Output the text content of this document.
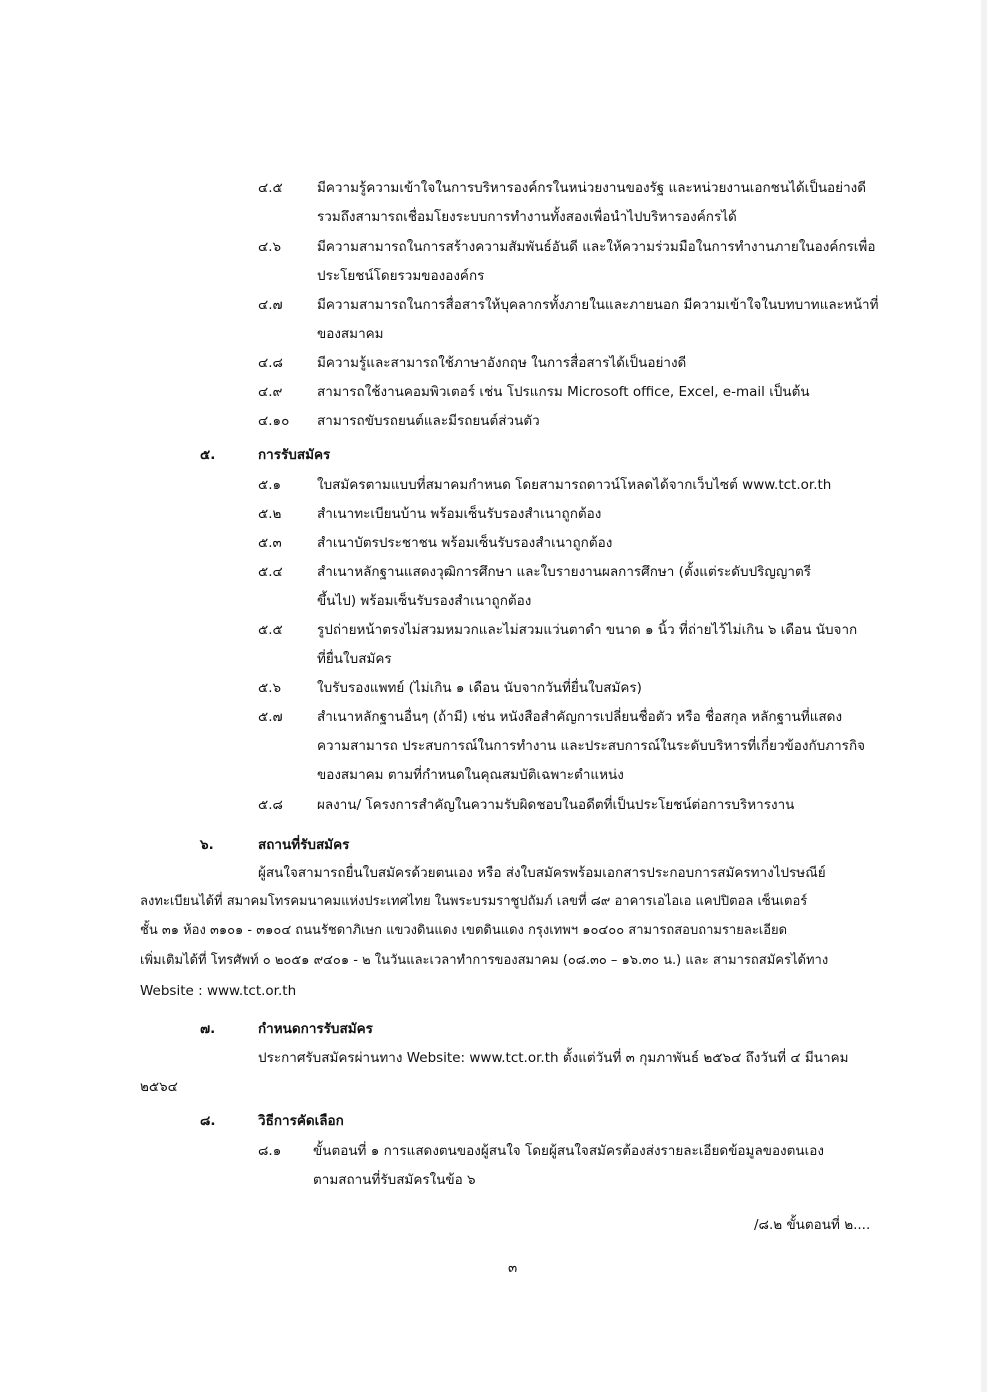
๔.๕	มีความรู้ความเข้าใจในการบริหารองค์กรในหน่วยงานของรัฐ และหน่วยงานเอกชนได้เป็นอย่างดี
รวมถึงสามารถเชื่อมโยงระบบการทำงานทั้งสองเพื่อนำไปบริหารองค์กรได้
๔.๖	มีความสามารถในการสร้างความสัมพันธ์อันดี และให้ความร่วมมือในการทำงานภายในองค์กรเพื่อ
ประโยชน์โดยรวมขององค์กร
๔.๗	มีความสามารถในการสื่อสารให้บุคลากรทั้งภายในและภายนอก มีความเข้าใจในบทบาทและหน้าที่
ของสมาคม
๔.๘	มีความรู้และสามารถใช้ภาษาอังกฤษ ในการสื่อสารได้เป็นอย่างดี
๔.๙	สามารถใช้งานคอมพิวเตอร์ เช่น โปรแกรม Microsoft office, Excel, e-mail เป็นต้น
๔.๑๐ สามารถขับรถยนต์และมีรถยนต์ส่วนตัว
๕.	การรับสมัคร
๕.๑	ใบสมัครตามแบบที่สมาคมกำหนด โดยสามารถดาวน์โหลดได้จากเว็บไซต์ www.tct.or.th
๕.๒	สำเนาทะเบียนบ้าน พร้อมเซ็นรับรองสำเนาถูกต้อง
๕.๓	สำเนาบัตรประชาชน พร้อมเซ็นรับรองสำเนาถูกต้อง
๕.๔	สำเนาหลักฐานแสดงวุฒิการศึกษา และใบรายงานผลการศึกษา (ตั้งแต่ระดับปริญญาตรี
ขึ้นไป) พร้อมเซ็นรับรองสำเนาถูกต้อง
๕.๕	รูปถ่ายหน้าตรงไม่สวมหมวกและไม่สวมแว่นตาดำ ขนาด ๑ นิ้ว ที่ถ่ายไว้ไม่เกิน ๖ เดือน นับจาก
ที่ยื่นใบสมัคร
๕.๖	ใบรับรองแพทย์ (ไม่เกิน ๑ เดือน นับจากวันที่ยื่นใบสมัคร)
๕.๗	สำเนาหลักฐานอื่นๆ (ถ้ามี) เช่น หนังสือสำคัญการเปลี่ยนชื่อตัว หรือ ชื่อสกุล หลักฐานที่แสดง
ความสามารถ ประสบการณ์ในการทำงาน และประสบการณ์ในระดับบริหารที่เกี่ยวข้องกับภารกิจ
ของสมาคม ตามที่กำหนดในคุณสมบัติเฉพาะตำแหน่ง
๕.๘	ผลงาน/ โครงการสำคัญในความรับผิดชอบในอดีตที่เป็นประโยชน์ต่อการบริหารงาน
๖.	สถานที่รับสมัคร
ผู้สนใจสามารถยื่นใบสมัครด้วยตนเอง หรือ ส่งใบสมัครพร้อมเอกสารประกอบการสมัครทางไปรษณีย์
ลงทะเบียนได้ที่ สมาคมโทรคมนาคมแห่งประเทศไทย ในพระบรมราชูปถัมภ์ เลขที่ ๘๙ อาคารเอไอเอ แคปปิตอล เซ็นเตอร์
ชั้น ๓๑ ห้อง ๓๑๐๑ - ๓๑๐๔ ถนนรัชดาภิเษก แขวงดินแดง เขตดินแดง กรุงเทพฯ ๑๐๔๐๐ สามารถสอบถามรายละเอียด
เพิ่มเติมได้ที่ โทรศัพท์ ๐ ๒๐๕๑ ๙๔๐๑ - ๒ ในวันและเวลาทำการของสมาคม (๐๘.๓๐ – ๑๖.๓๐ น.) และ สามารถสมัครได้ทาง
Website : www.tct.or.th
๗.	กำหนดการรับสมัคร
ประกาศรับสมัครผ่านทาง Website: www.tct.or.th ตั้งแต่วันที่ ๓ กุมภาพันธ์ ๒๕๖๔ ถึงวันที่ ๔ มีนาคม
๒๕๖๔
๘.	วิธีการคัดเลือก
๘.๑ ขั้นตอนที่ ๑ การแสดงตนของผู้สนใจ โดยผู้สนใจสมัครต้องส่งรายละเอียดข้อมูลของตนเอง
ตามสถานที่รับสมัครในข้อ ๖
/๘.๒ ขั้นตอนที่ ๒....
๓
